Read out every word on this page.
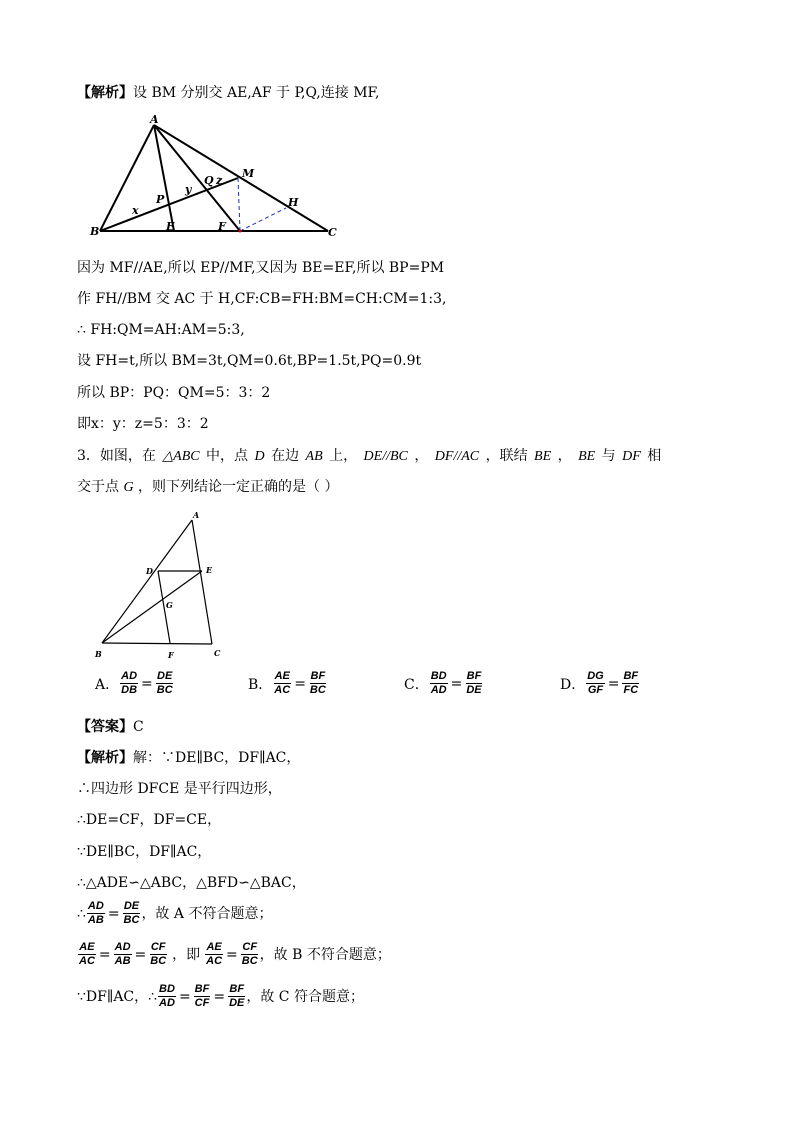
【解析】设 BM 分别交 AE,AF 于 P,Q,连接 MF,
A
B	C
E	F
M
H
P
Q
x
y
z
因为 MF//AE,所以 EP//MF,又因为 BE=EF,所以 BP=PM
作 FH//BM 交 AC 于 H,CF:CB=FH:BM=CH:CM=1:3,
∴ FH:QM=AH:AM=5:3,
设 FH=t,所以 BM=3t,QM=0.6t,BP=1.5t,PQ=0.9t
所以 BP：PQ：QM=5：3：2
即x：y：z=5：3：2
3．如图，在 △ABC 中，点 D 在边 AB 上， DE//BC ， DF//AC ，联结 BE ， BE 与 DF 相
交于点 G ，则下列结论一定正确的是（ ）
A
B	C
D	E
F
G
A． $\frac{AD}{DB} = \frac{DE}{BC}$	B． $\frac{AE}{AC} = \frac{BF}{BC}$	C． $\frac{BD}{AD} = \frac{BF}{DE}$	D． $\frac{DG}{GF} = \frac{BF}{FC}$
【答案】C
【解析】解：∵DE∥BC，DF∥AC，
∴四边形 DFCE 是平行四边形，
∴DE=CF，DF=CE，
∵DE∥BC，DF∥AC，
∴△ADE∽△ABC，△BFD∽△BAC，
∴ $\frac{AD}{AB} = \frac{DE}{BC}$ ，故 A 不符合题意；
$\frac{AE}{AC} = \frac{AD}{AB} = \frac{CF}{BC}$ ，即 $\frac{AE}{AC} = \frac{CF}{BC}$ ，故 B 不符合题意；
∵DF∥AC，∴ $\frac{BD}{AD} = \frac{BF}{CF} = \frac{BF}{DE}$ ，故 C 符合题意；
